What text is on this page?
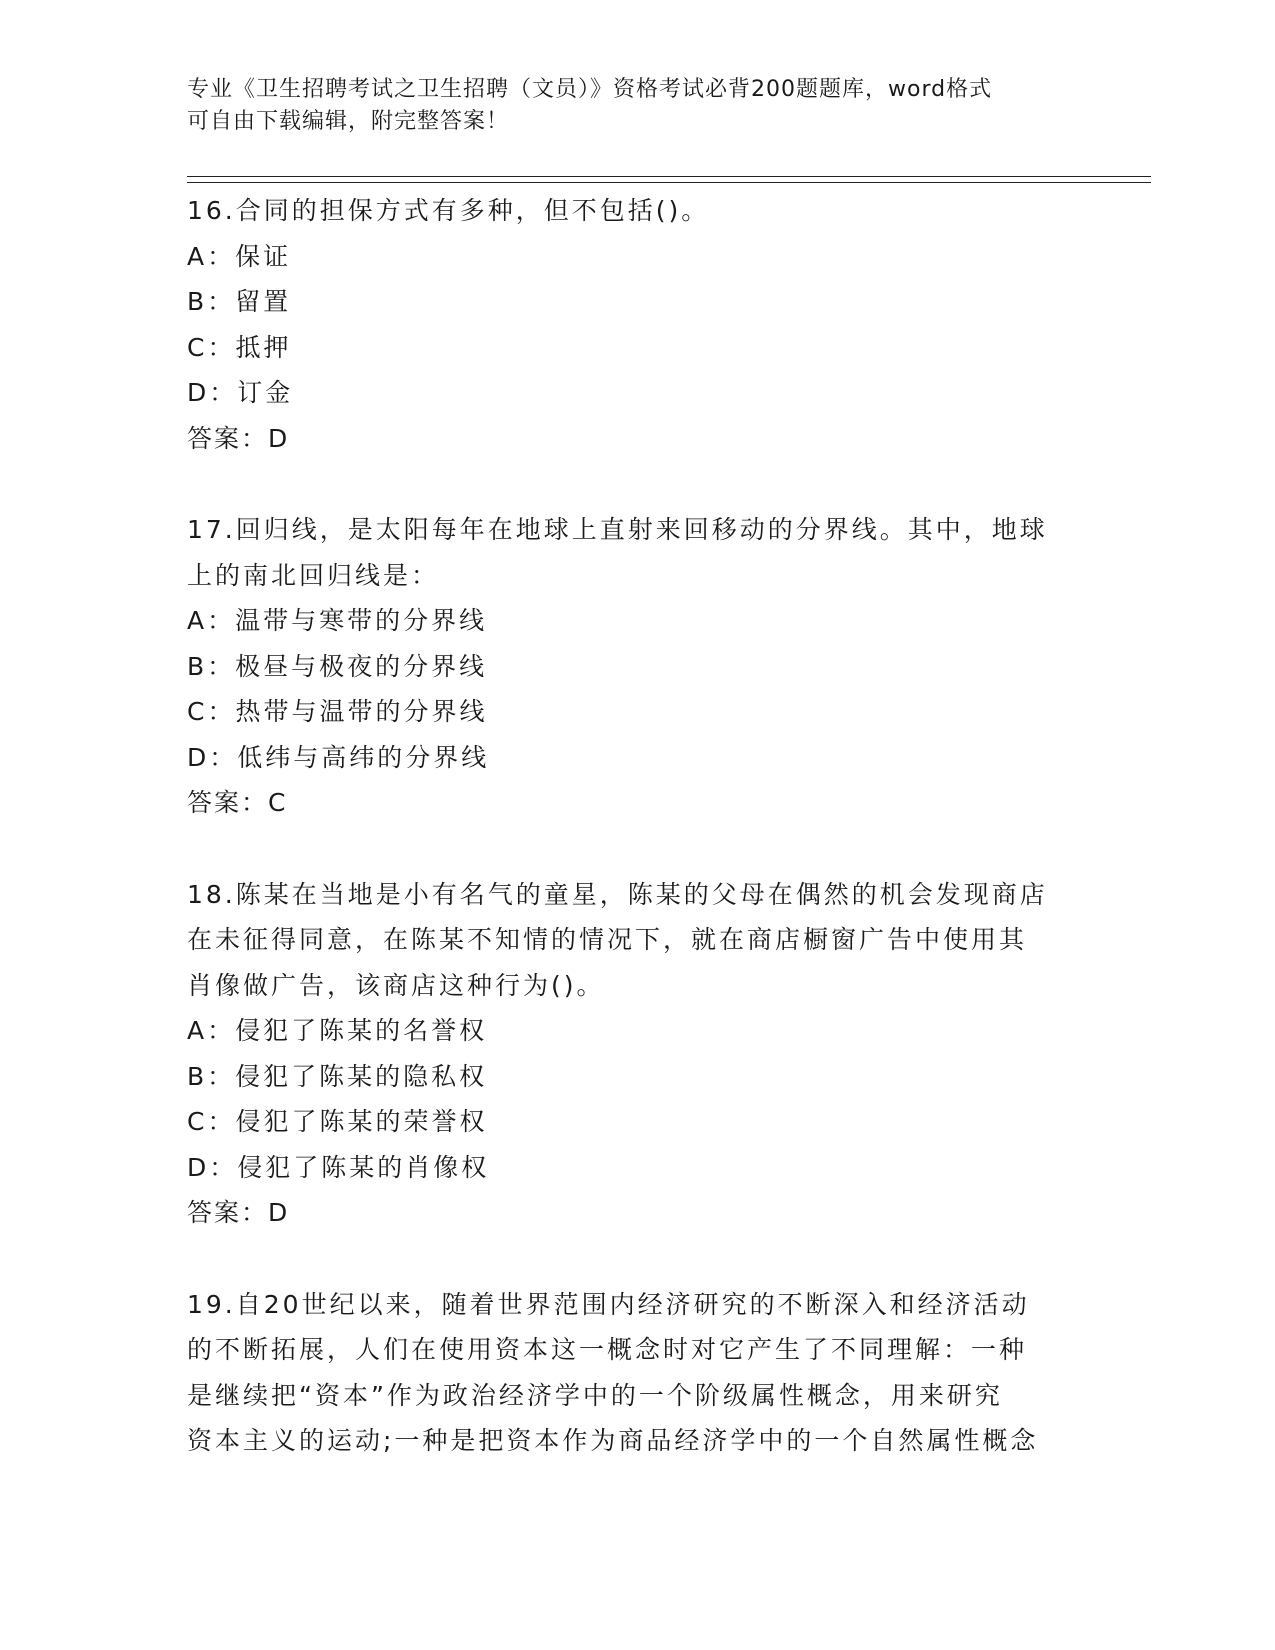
专业《卫生招聘考试之卫生招聘（文员）》资格考试必背200题题库，word格式
可自由下载编辑，附完整答案！

16.合同的担保方式有多种，但不包括()。

A：保证

B：留置

C：抵押

D：订金

答案：D

17.回归线，是太阳每年在地球上直射来回移动的分界线。其中，地球

上的南北回归线是：

A：温带与寒带的分界线

B：极昼与极夜的分界线

C：热带与温带的分界线

D：低纬与高纬的分界线

答案：C

18.陈某在当地是小有名气的童星，陈某的父母在偶然的机会发现商店

在未征得同意，在陈某不知情的情况下，就在商店橱窗广告中使用其

肖像做广告，该商店这种行为()。

A：侵犯了陈某的名誉权

B：侵犯了陈某的隐私权

C：侵犯了陈某的荣誉权

D：侵犯了陈某的肖像权

答案：D

19.自20世纪以来，随着世界范围内经济研究的不断深入和经济活动

的不断拓展，人们在使用资本这一概念时对它产生了不同理解：一种

是继续把“资本”作为政治经济学中的一个阶级属性概念，用来研究

资本主义的运动;一种是把资本作为商品经济学中的一个自然属性概念
